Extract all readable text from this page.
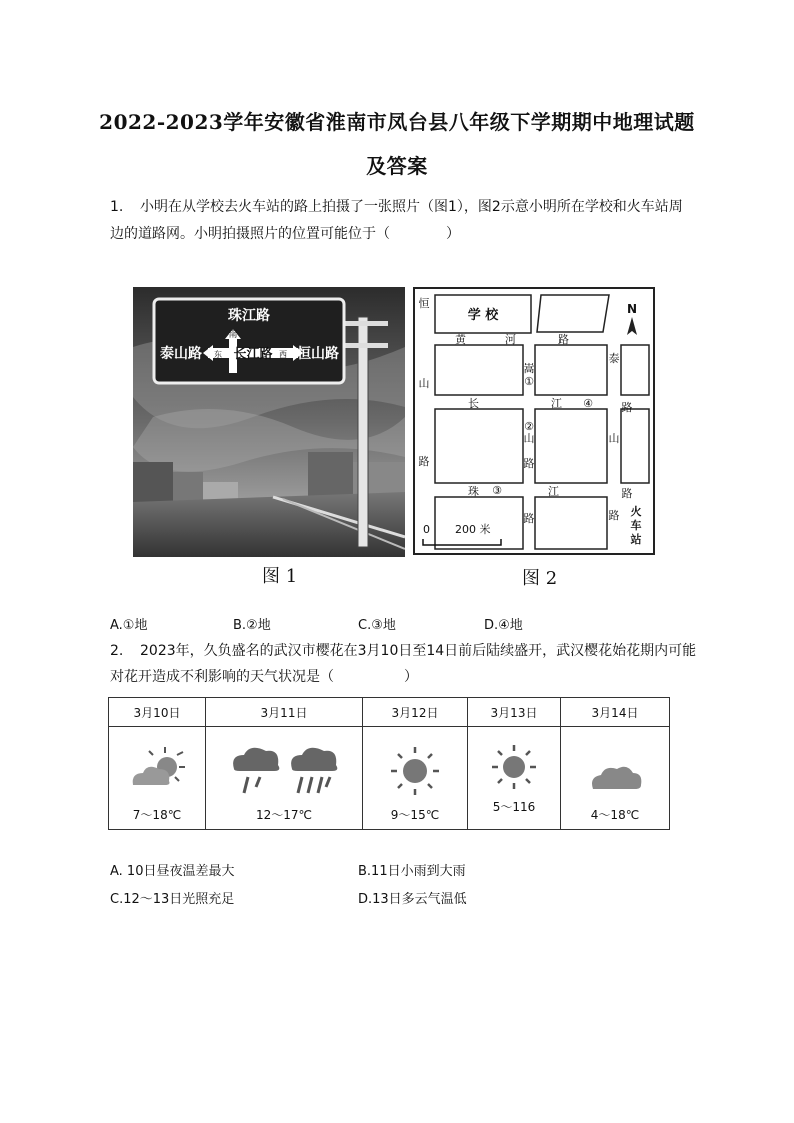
2022-2023学年安徽省淮南市凤台县八年级下学期期中地理试题
及答案
1. 小明在从学校去火车站的路上拍摄了一张照片（图1），图2示意小明所在学校和火车站周
边的道路网。小明拍摄照片的位置可能位于（　　　　）
珠江路
泰山路 长江路 恒山路
南
东	西
图 1
N
学 校
黄	河	路
长	江
珠	江
恒
山
路
嵩
山
路
路
泰
路
山
路
路 火
车
站
①
②
③
④
0 200 米
图 2
A.①地	B.②地	C.③地	D.④地
2. 2023年，久负盛名的武汉市樱花在3月10日至14日前后陆续盛开，武汉樱花始花期内可能
对花开造成不利影响的天气状况是（　　　　　）
3月10日	3月11日	3月12日	3月13日	3月14日

7～18℃	12～17℃	9～15℃	5～116	4～18℃
A. 10日昼夜温差最大	B.11日小雨到大雨
C.12～13日光照充足	D.13日多云气温低
